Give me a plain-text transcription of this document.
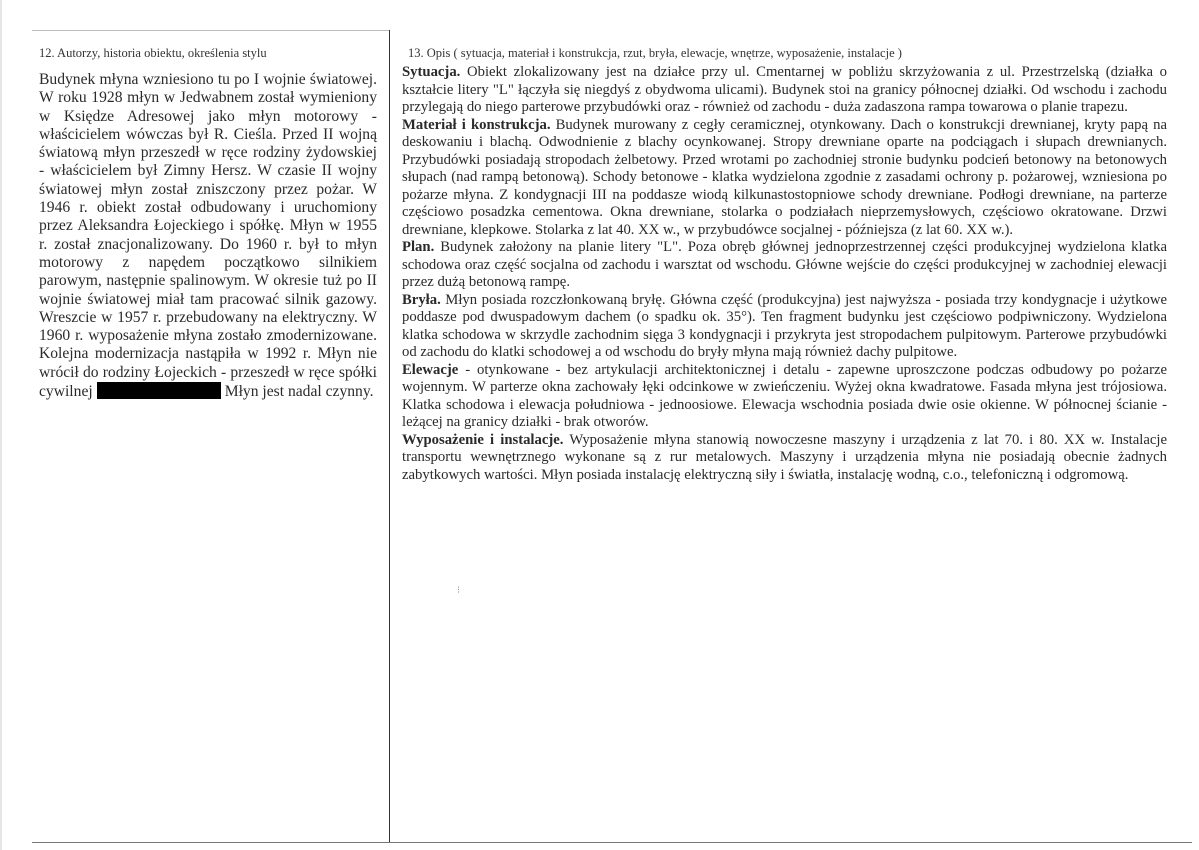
12. Autorzy, historia obiektu, określenia stylu

Budynek młyna wzniesiono tu po I wojnie światowej. W roku 1928 młyn w Jedwabnem został wymieniony w Księdze Adresowej jako młyn motorowy - właścicielem wówczas był R. Cieśla. Przed II wojną światową młyn przeszedł w ręce rodziny żydowskiej - właścicielem był Zimny Hersz. W czasie II wojny światowej młyn został zniszczony przez pożar. W 1946 r. obiekt został odbudowany i uruchomiony przez Aleksandra Łojeckiego i spółkę. Młyn w 1955 r. został znacjonalizowany. Do 1960 r. był to młyn motorowy z napędem początkowo silnikiem parowym, następnie spalinowym. W okresie tuż po II wojnie światowej miał tam pracować silnik gazowy. Wreszcie w 1957 r. przebudowany na elektryczny. W 1960 r. wyposażenie młyna zostało zmodernizowane. Kolejna modernizacja nastąpiła w 1992 r. Młyn nie wrócił do rodziny Łojeckich - przeszedł w ręce spółki cywilnej	Młyn jest nadal czynny.

13. Opis ( sytuacja, materiał i konstrukcja, rzut, bryła, elewacje, wnętrze, wyposażenie, instalacje )

Sytuacja. Obiekt zlokalizowany jest na działce przy ul. Cmentarnej w pobliżu skrzyżowania z ul. Przestrzelską (działka o kształcie litery "L" łączyła się niegdyś z obydwoma ulicami). Budynek stoi na granicy północnej działki. Od wschodu i zachodu przylegają do niego parterowe przybudówki oraz - również od zachodu - duża zadaszona rampa towarowa o planie trapezu.

Materiał i konstrukcja. Budynek murowany z cegły ceramicznej, otynkowany. Dach o konstrukcji drewnianej, kryty papą na deskowaniu i blachą. Odwodnienie z blachy ocynkowanej. Stropy drewniane oparte na podciągach i słupach drewnianych. Przybudówki posiadają stropodach żelbetowy. Przed wrotami po zachodniej stronie budynku podcień betonowy na betonowych słupach (nad rampą betonową). Schody betonowe - klatka wydzielona zgodnie z zasadami ochrony p. pożarowej, wzniesiona po pożarze młyna. Z kondygnacji III na poddasze wiodą kilkunastostopniowe schody drewniane. Podłogi drewniane, na parterze częściowo posadzka cementowa. Okna drewniane, stolarka o podziałach nieprzemysłowych, częściowo okratowane. Drzwi drewniane, klepkowe. Stolarka z lat 40. XX w., w przybudówce socjalnej - późniejsza (z lat 60. XX w.).

Plan. Budynek założony na planie litery "L". Poza obręb głównej jednoprzestrzennej części produkcyjnej wydzielona klatka schodowa oraz część socjalna od zachodu i warsztat od wschodu. Główne wejście do części produkcyjnej w zachodniej elewacji przez dużą betonową rampę.

Bryła. Młyn posiada rozczłonkowaną bryłę. Główna część (produkcyjna) jest najwyższa - posiada trzy kondygnacje i użytkowe poddasze pod dwuspadowym dachem (o spadku ok. 35°). Ten fragment budynku jest częściowo podpiwniczony. Wydzielona klatka schodowa w skrzydle zachodnim sięga 3 kondygnacji i przykryta jest stropodachem pulpitowym. Parterowe przybudówki od zachodu do klatki schodowej a od wschodu do bryły młyna mają również dachy pulpitowe.

Elewacje - otynkowane - bez artykulacji architektonicznej i detalu - zapewne uproszczone podczas odbudowy po pożarze wojennym. W parterze okna zachowały łęki odcinkowe w zwieńczeniu. Wyżej okna kwadratowe. Fasada młyna jest trójosiowa. Klatka schodowa i elewacja południowa - jednoosiowe. Elewacja wschodnia posiada dwie osie okienne. W północnej ścianie - leżącej na granicy działki - brak otworów.

Wyposażenie i instalacje. Wyposażenie młyna stanowią nowoczesne maszyny i urządzenia z lat 70. i 80. XX w. Instalacje transportu wewnętrznego wykonane są z rur metalowych. Maszyny i urządzenia młyna nie posiadają obecnie żadnych zabytkowych wartości. Młyn posiada instalację elektryczną siły i światła, instalację wodną, c.o., telefoniczną i odgromową.

⁝
